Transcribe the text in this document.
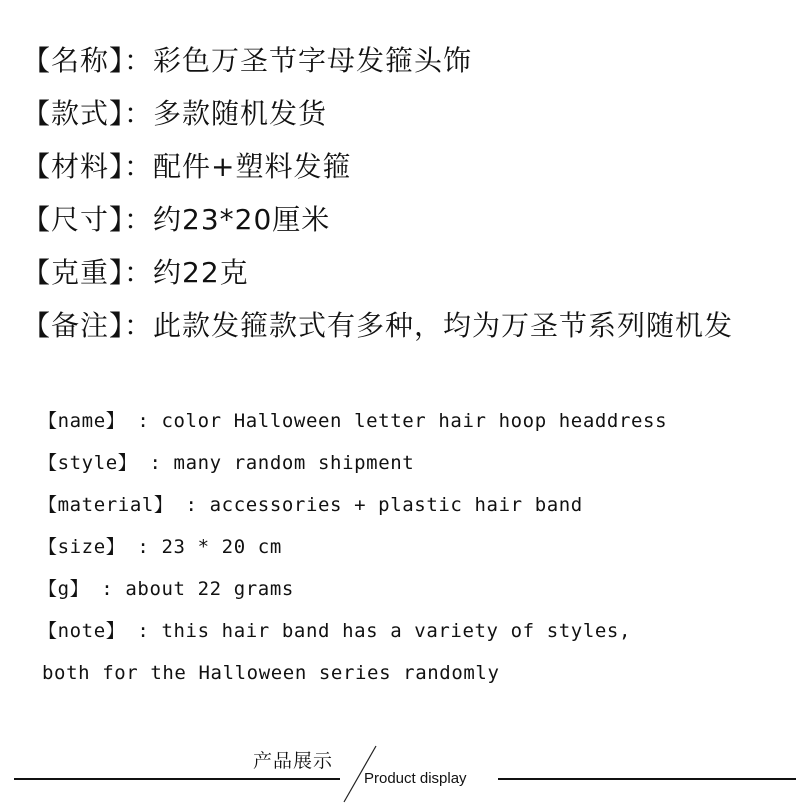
【名称】：彩色万圣节字母发箍头饰
【款式】：多款随机发货
【材料】：配件+塑料发箍
【尺寸】：约23*20厘米
【克重】：约22克
【备注】：此款发箍款式有多种，均为万圣节系列随机发
【name】 : color Halloween letter hair hoop headdress
【style】 : many random shipment
【material】 : accessories + plastic hair band
【size】 : 23 * 20 cm
【g】 : about 22 grams
【note】 : this hair band has a variety of styles,
both for the Halloween series randomly
产品展示
Product display
